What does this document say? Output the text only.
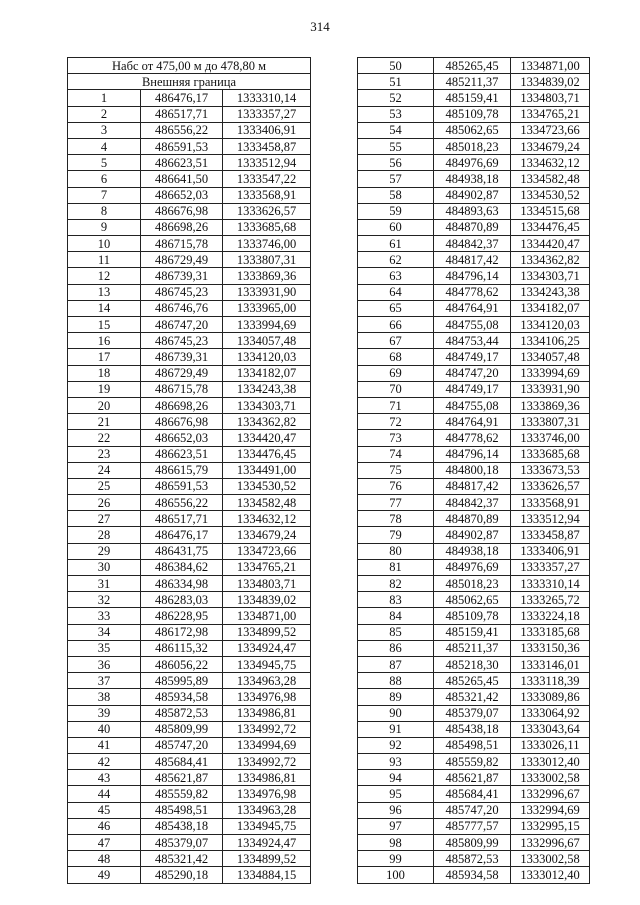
314
Набс от 475,00 м до 478,80 м		
Внешняя граница		
1	486476,17	1333310,14
2	486517,71	1333357,27
3	486556,22	1333406,91
4	486591,53	1333458,87
5	486623,51	1333512,94
6	486641,50	1333547,22
7	486652,03	1333568,91
8	486676,98	1333626,57
9	486698,26	1333685,68
10	486715,78	1333746,00
11	486729,49	1333807,31
12	486739,31	1333869,36
13	486745,23	1333931,90
14	486746,76	1333965,00
15	486747,20	1333994,69
16	486745,23	1334057,48
17	486739,31	1334120,03
18	486729,49	1334182,07
19	486715,78	1334243,38
20	486698,26	1334303,71
21	486676,98	1334362,82
22	486652,03	1334420,47
23	486623,51	1334476,45
24	486615,79	1334491,00
25	486591,53	1334530,52
26	486556,22	1334582,48
27	486517,71	1334632,12
28	486476,17	1334679,24
29	486431,75	1334723,66
30	486384,62	1334765,21
31	486334,98	1334803,71
32	486283,03	1334839,02
33	486228,95	1334871,00
34	486172,98	1334899,52
35	486115,32	1334924,47
36	486056,22	1334945,75
37	485995,89	1334963,28
38	485934,58	1334976,98
39	485872,53	1334986,81
40	485809,99	1334992,72
41	485747,20	1334994,69
42	485684,41	1334992,72
43	485621,87	1334986,81
44	485559,82	1334976,98
45	485498,51	1334963,28
46	485438,18	1334945,75
47	485379,07	1334924,47
48	485321,42	1334899,52
49	485290,18	1334884,15
50	485265,45	1334871,00
51	485211,37	1334839,02
52	485159,41	1334803,71
53	485109,78	1334765,21
54	485062,65	1334723,66
55	485018,23	1334679,24
56	484976,69	1334632,12
57	484938,18	1334582,48
58	484902,87	1334530,52
59	484893,63	1334515,68
60	484870,89	1334476,45
61	484842,37	1334420,47
62	484817,42	1334362,82
63	484796,14	1334303,71
64	484778,62	1334243,38
65	484764,91	1334182,07
66	484755,08	1334120,03
67	484753,44	1334106,25
68	484749,17	1334057,48
69	484747,20	1333994,69
70	484749,17	1333931,90
71	484755,08	1333869,36
72	484764,91	1333807,31
73	484778,62	1333746,00
74	484796,14	1333685,68
75	484800,18	1333673,53
76	484817,42	1333626,57
77	484842,37	1333568,91
78	484870,89	1333512,94
79	484902,87	1333458,87
80	484938,18	1333406,91
81	484976,69	1333357,27
82	485018,23	1333310,14
83	485062,65	1333265,72
84	485109,78	1333224,18
85	485159,41	1333185,68
86	485211,37	1333150,36
87	485218,30	1333146,01
88	485265,45	1333118,39
89	485321,42	1333089,86
90	485379,07	1333064,92
91	485438,18	1333043,64
92	485498,51	1333026,11
93	485559,82	1333012,40
94	485621,87	1333002,58
95	485684,41	1332996,67
96	485747,20	1332994,69
97	485777,57	1332995,15
98	485809,99	1332996,67
99	485872,53	1333002,58
100	485934,58	1333012,40
